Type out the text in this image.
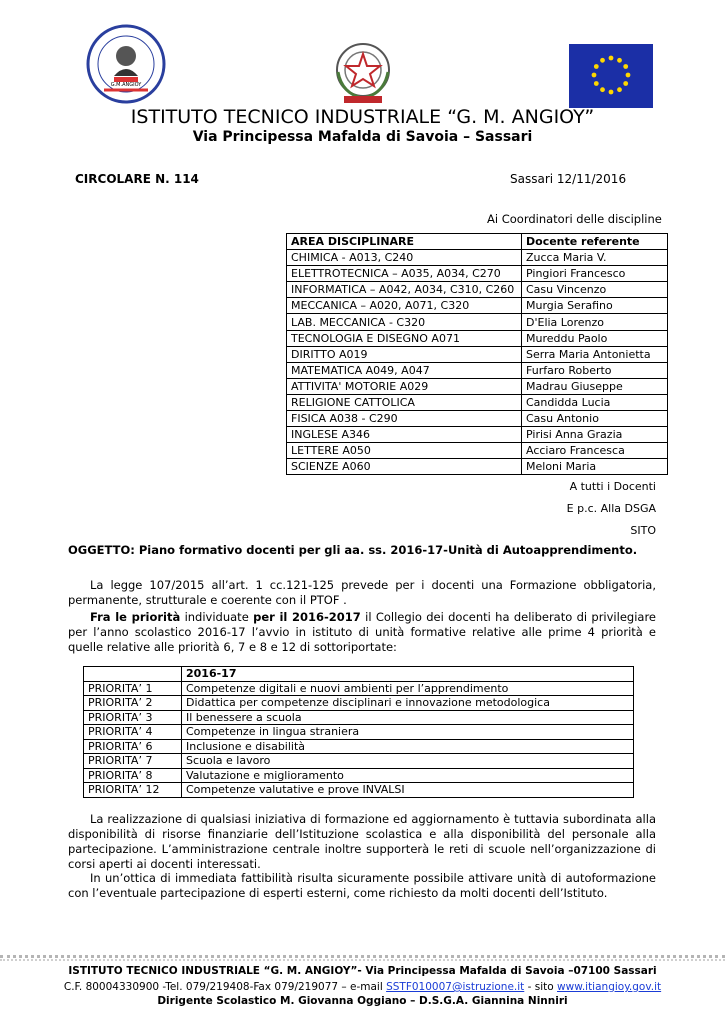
G.M.ANGIOY
ISTITUTO TECNICO INDUSTRIALE “G. M. ANGIOY”
Via Principessa Mafalda di Savoia – Sassari
CIRCOLARE N. 114	Sassari 12/11/2016
Ai Coordinatori delle discipline
AREA DISCIPLINARE	Docente referente
CHIMICA - A013, C240	Zucca Maria V.
ELETTROTECNICA – A035, A034, C270	Pingiori Francesco
INFORMATICA – A042, A034, C310, C260	Casu Vincenzo
MECCANICA – A020, A071, C320	Murgia Serafino
LAB. MECCANICA - C320	D'Elia Lorenzo
TECNOLOGIA E DISEGNO A071	Mureddu Paolo
DIRITTO A019	Serra Maria Antonietta
MATEMATICA A049, A047	Furfaro Roberto
ATTIVITA' MOTORIE A029	Madrau Giuseppe
RELIGIONE CATTOLICA	Candidda Lucia
FISICA A038 - C290	Casu Antonio
INGLESE A346	Pirisi Anna Grazia
LETTERE A050	Acciaro Francesca
SCIENZE A060	Meloni Maria
A tutti i Docenti
E p.c. Alla DSGA
SITO
OGGETTO: Piano formativo docenti per gli aa. ss. 2016-17-Unità di Autoapprendimento.

La legge 107/2015 all’art. 1 cc.121-125 prevede per i docenti una Formazione obbligatoria, permanente, strutturale e coerente con il PTOF .

Fra le priorità individuate per il 2016-2017 il Collegio dei docenti ha deliberato di privilegiare per l’anno scolastico 2016-17 l’avvio in istituto di unità formative relative alle prime 4 priorità e quelle relative alle priorità 6, 7 e 8 e 12 di sottoriportate:

	2016-17
PRIORITA’ 1	Competenze digitali e nuovi ambienti per l’apprendimento
PRIORITA’ 2	Didattica per competenze disciplinari e innovazione metodologica
PRIORITA’ 3	Il benessere a scuola
PRIORITA’ 4	Competenze in lingua straniera
PRIORITA’ 6	Inclusione e disabilità
PRIORITA’ 7	Scuola e lavoro
PRIORITA’ 8	Valutazione e miglioramento
PRIORITA’ 12	Competenze valutative e prove INVALSI

La realizzazione di qualsiasi iniziativa di formazione ed aggiornamento è tuttavia subordinata alla disponibilità di risorse finanziarie dell’Istituzione scolastica e alla disponibilità del personale alla partecipazione. L’amministrazione centrale inoltre supporterà le reti di scuole nell’organizzazione di corsi aperti ai docenti interessati.

In un’ottica di immediata fattibilità risulta sicuramente possibile attivare unità di autoformazione con l’eventuale partecipazione di esperti esterni, come richiesto da molti docenti dell’Istituto.

ISTITUTO TECNICO INDUSTRIALE “G. M. ANGIOY”- Via Principessa Mafalda di Savoia –07100 Sassari
C.F. 80004330900 -Tel. 079/219408-Fax 079/219077 – e-mail SSTF010007@istruzione.it - sito www.itiangioy.gov.it
Dirigente Scolastico M. Giovanna Oggiano – D.S.G.A. Giannina Ninniri
